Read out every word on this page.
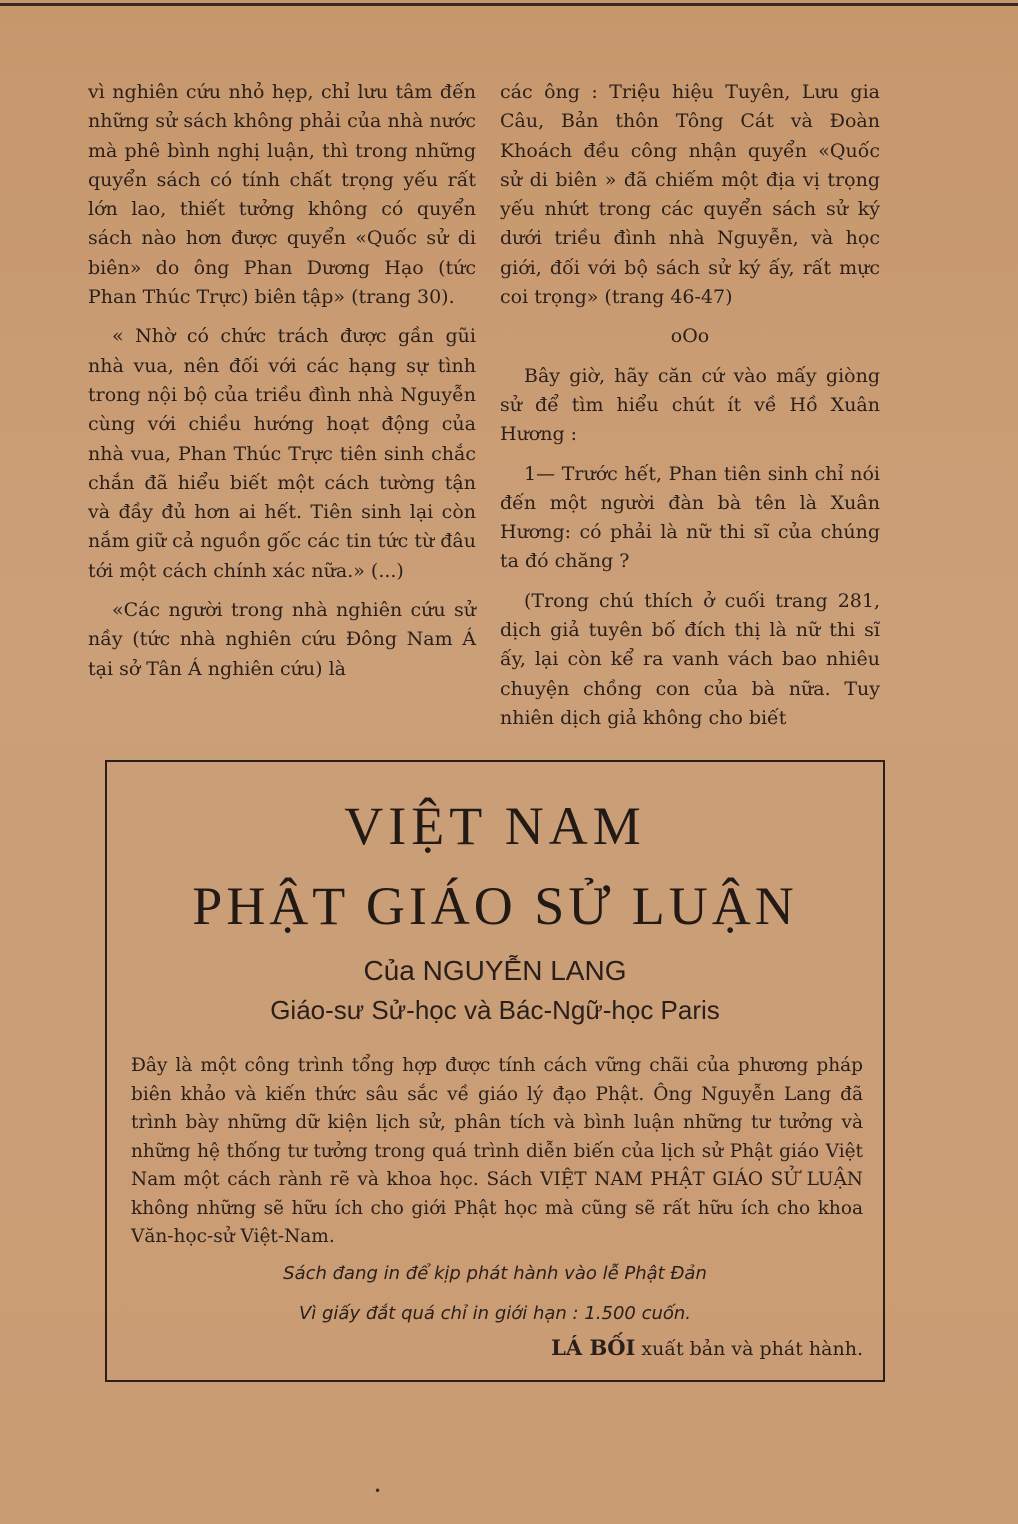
vì nghiên cứu nhỏ hẹp, chỉ lưu tâm đến những sử sách không phải của nhà nước mà phê bình nghị luận, thì trong những quyển sách có tính chất trọng yếu rất lớn lao, thiết tưởng không có quyển sách nào hơn được quyển «Quốc sử di biên» do ông Phan Dương Hạo (tức Phan Thúc Trực) biên tập» (trang 30).

« Nhờ có chức trách được gần gũi nhà vua, nên đối với các hạng sự tình trong nội bộ của triều đình nhà Nguyễn cùng với chiều hướng hoạt động của nhà vua, Phan Thúc Trực tiên sinh chắc chắn đã hiểu biết một cách tường tận và đầy đủ hơn ai hết. Tiên sinh lại còn nắm giữ cả nguồn gốc các tin tức từ đâu tới một cách chính xác nữa.» (...)

«Các người trong nhà nghiên cứu sử nầy (tức nhà nghiên cứu Đông Nam Á tại sở Tân Á nghiên cứu) là

các ông : Triệu hiệu Tuyên, Lưu gia Câu, Bản thôn Tông Cát và Đoàn Khoách đều công nhận quyển «Quốc sử di biên » đã chiếm một địa vị trọng yếu nhứt trong các quyển sách sử ký dưới triều đình nhà Nguyễn, và học giới, đối với bộ sách sử ký ấy, rất mực coi trọng» (trang 46-47)

oOo

Bây giờ, hãy căn cứ vào mấy giòng sử để tìm hiểu chút ít về Hồ Xuân Hương :

1— Trước hết, Phan tiên sinh chỉ nói đến một người đàn bà tên là Xuân Hương: có phải là nữ thi sĩ của chúng ta đó chăng ?

(Trong chú thích ở cuối trang 281, dịch giả tuyên bố đích thị là nữ thi sĩ ấy, lại còn kể ra vanh vách bao nhiêu chuyện chồng con của bà nữa. Tuy nhiên dịch giả không cho biết

VIỆT NAM
PHẬT GIÁO SỬ LUẬN
Của NGUYỄN LANG
Giáo-sư Sử-học và Bác-Ngữ-học Paris
Đây là một công trình tổng hợp được tính cách vững chãi của phương pháp biên khảo và kiến thức sâu sắc về giáo lý đạo Phật. Ông Nguyễn Lang đã trình bày những dữ kiện lịch sử, phân tích và bình luận những tư tưởng và những hệ thống tư tưởng trong quá trình diễn biến của lịch sử Phật giáo Việt Nam một cách rành rẽ và khoa học. Sách VIỆT NAM PHẬT GIÁO SỬ LUẬN không những sẽ hữu ích cho giới Phật học mà cũng sẽ rất hữu ích cho khoa Văn-học-sử Việt-Nam.
Sách đang in để kịp phát hành vào lễ Phật Đản
Vì giấy đắt quá chỉ in giới hạn : 1.500 cuốn.
LÁ BỐI xuất bản và phát hành.
•
